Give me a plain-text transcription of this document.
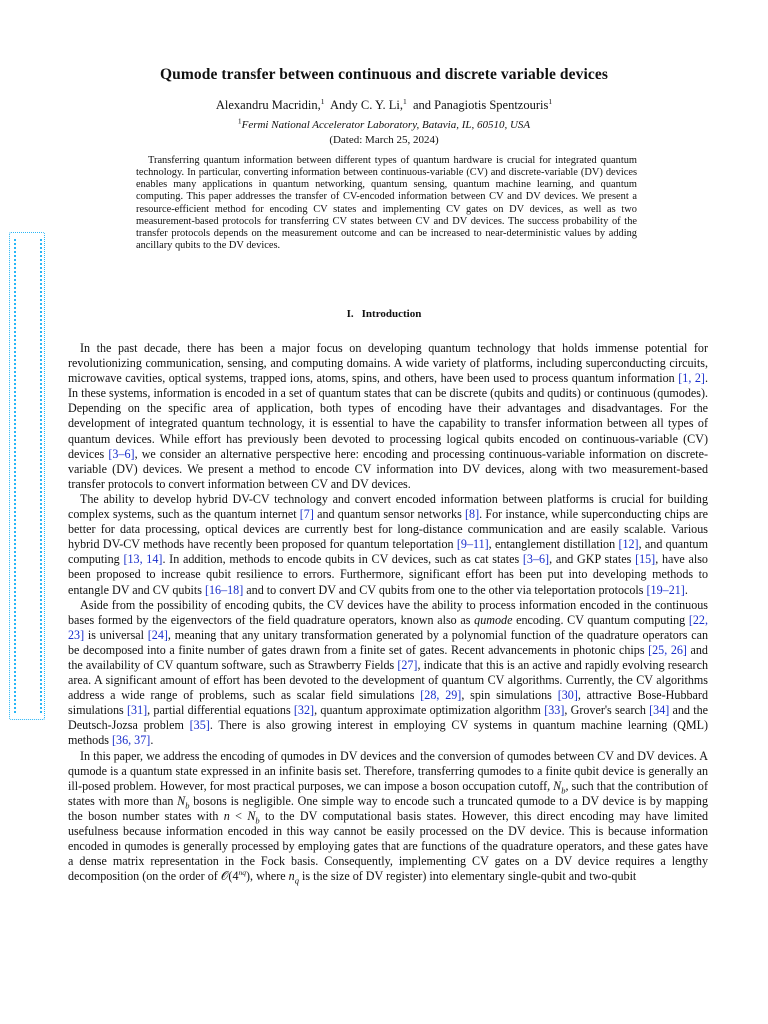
Qumode transfer between continuous and discrete variable devices
Alexandru Macridin,$^1$ Andy C. Y. Li,$^1$ and Panagiotis Spentzouris$^1$
$^1$Fermi National Accelerator Laboratory, Batavia, IL, 60510, USA
(Dated: March 25, 2024)
Transferring quantum information between different types of quantum hardware is crucial for integrated quantum technology. In particular, converting information between continuous-variable (CV) and discrete-variable (DV) devices enables many applications in quantum networking, quantum sensing, quantum machine learning, and quantum computing. This paper addresses the transfer of CV-encoded information between CV and DV devices. We present a resource-efficient method for encoding CV states and implementing CV gates on DV devices, as well as two measurement-based protocols for transferring CV states between CV and DV devices. The success probability of the transfer protocols depends on the measurement outcome and can be increased to near-deterministic values by adding ancillary qubits to the DV devices.
I. Introduction

In the past decade, there has been a major focus on developing quantum technology that holds immense potential for revolutionizing communication, sensing, and computing domains. A wide variety of platforms, including superconducting circuits, microwave cavities, optical systems, trapped ions, atoms, spins, and others, have been used to process quantum information [1, 2]. In these systems, information is encoded in a set of quantum states that can be discrete (qubits and qudits) or continuous (qumodes). Depending on the specific area of application, both types of encoding have their advantages and disadvantages. For the development of integrated quantum technology, it is essential to have the capability to transfer information between all types of quantum devices. While effort has previously been devoted to processing logical qubits encoded on continuous-variable (CV) devices [3–6], we consider an alternative perspective here: encoding and processing continuous-variable information on discrete-variable (DV) devices. We present a method to encode CV information into DV devices, along with two measurement-based transfer protocols to convert information between CV and DV devices.

The ability to develop hybrid DV-CV technology and convert encoded information between platforms is crucial for building complex systems, such as the quantum internet [7] and quantum sensor networks [8]. For instance, while superconducting chips are better for data processing, optical devices are currently best for long-distance communication and are easily scalable. Various hybrid DV-CV methods have recently been proposed for quantum teleportation [9–11], entanglement distillation [12], and quantum computing [13, 14]. In addition, methods to encode qubits in CV devices, such as cat states [3–6], and GKP states [15], have also been proposed to increase qubit resilience to errors. Furthermore, significant effort has been put into developing methods to entangle DV and CV qubits [16–18] and to convert DV and CV qubits from one to the other via teleportation protocols [19–21].

Aside from the possibility of encoding qubits, the CV devices have the ability to process information encoded in the continuous bases formed by the eigenvectors of the field quadrature operators, known also as qumode encoding. CV quantum computing [22, 23] is universal [24], meaning that any unitary transformation generated by a polynomial function of the quadrature operators can be decomposed into a finite number of gates drawn from a finite set of gates. Recent advancements in photonic chips [25, 26] and the availability of CV quantum software, such as Strawberry Fields [27], indicate that this is an active and rapidly evolving research area. A significant amount of effort has been devoted to the development of quantum CV algorithms. Currently, the CV algorithms address a wide range of problems, such as scalar field simulations [28, 29], spin simulations [30], attractive Bose-Hubbard simulations [31], partial differential equations [32], quantum approximate optimization algorithm [33], Grover's search [34] and the Deutsch-Jozsa problem [35]. There is also growing interest in employing CV systems in quantum machine learning (QML) methods [36, 37].

In this paper, we address the encoding of qumodes in DV devices and the conversion of qumodes between CV and DV devices. A qumode is a quantum state expressed in an infinite basis set. Therefore, transferring qumodes to a finite qubit device is generally an ill-posed problem. However, for most practical purposes, we can impose a boson occupation cutoff, $N_b$, such that the contribution of states with more than $N_b$ bosons is negligible. One simple way to encode such a truncated qumode to a DV device is by mapping the boson number states with $n < N_b$ to the DV computational basis states. However, this direct encoding may have limited usefulness because information encoded in this way cannot be easily processed on the DV device. This is because information encoded in qumodes is generally processed by employing gates that are functions of the quadrature operators, and these gates have a dense matrix representation in the Fock basis. Consequently, implementing CV gates on a DV device requires a lengthy decomposition (on the order of $𝒪(4^{nq})$, where $n_q$ is the size of DV register) into elementary single-qubit and two-qubit
